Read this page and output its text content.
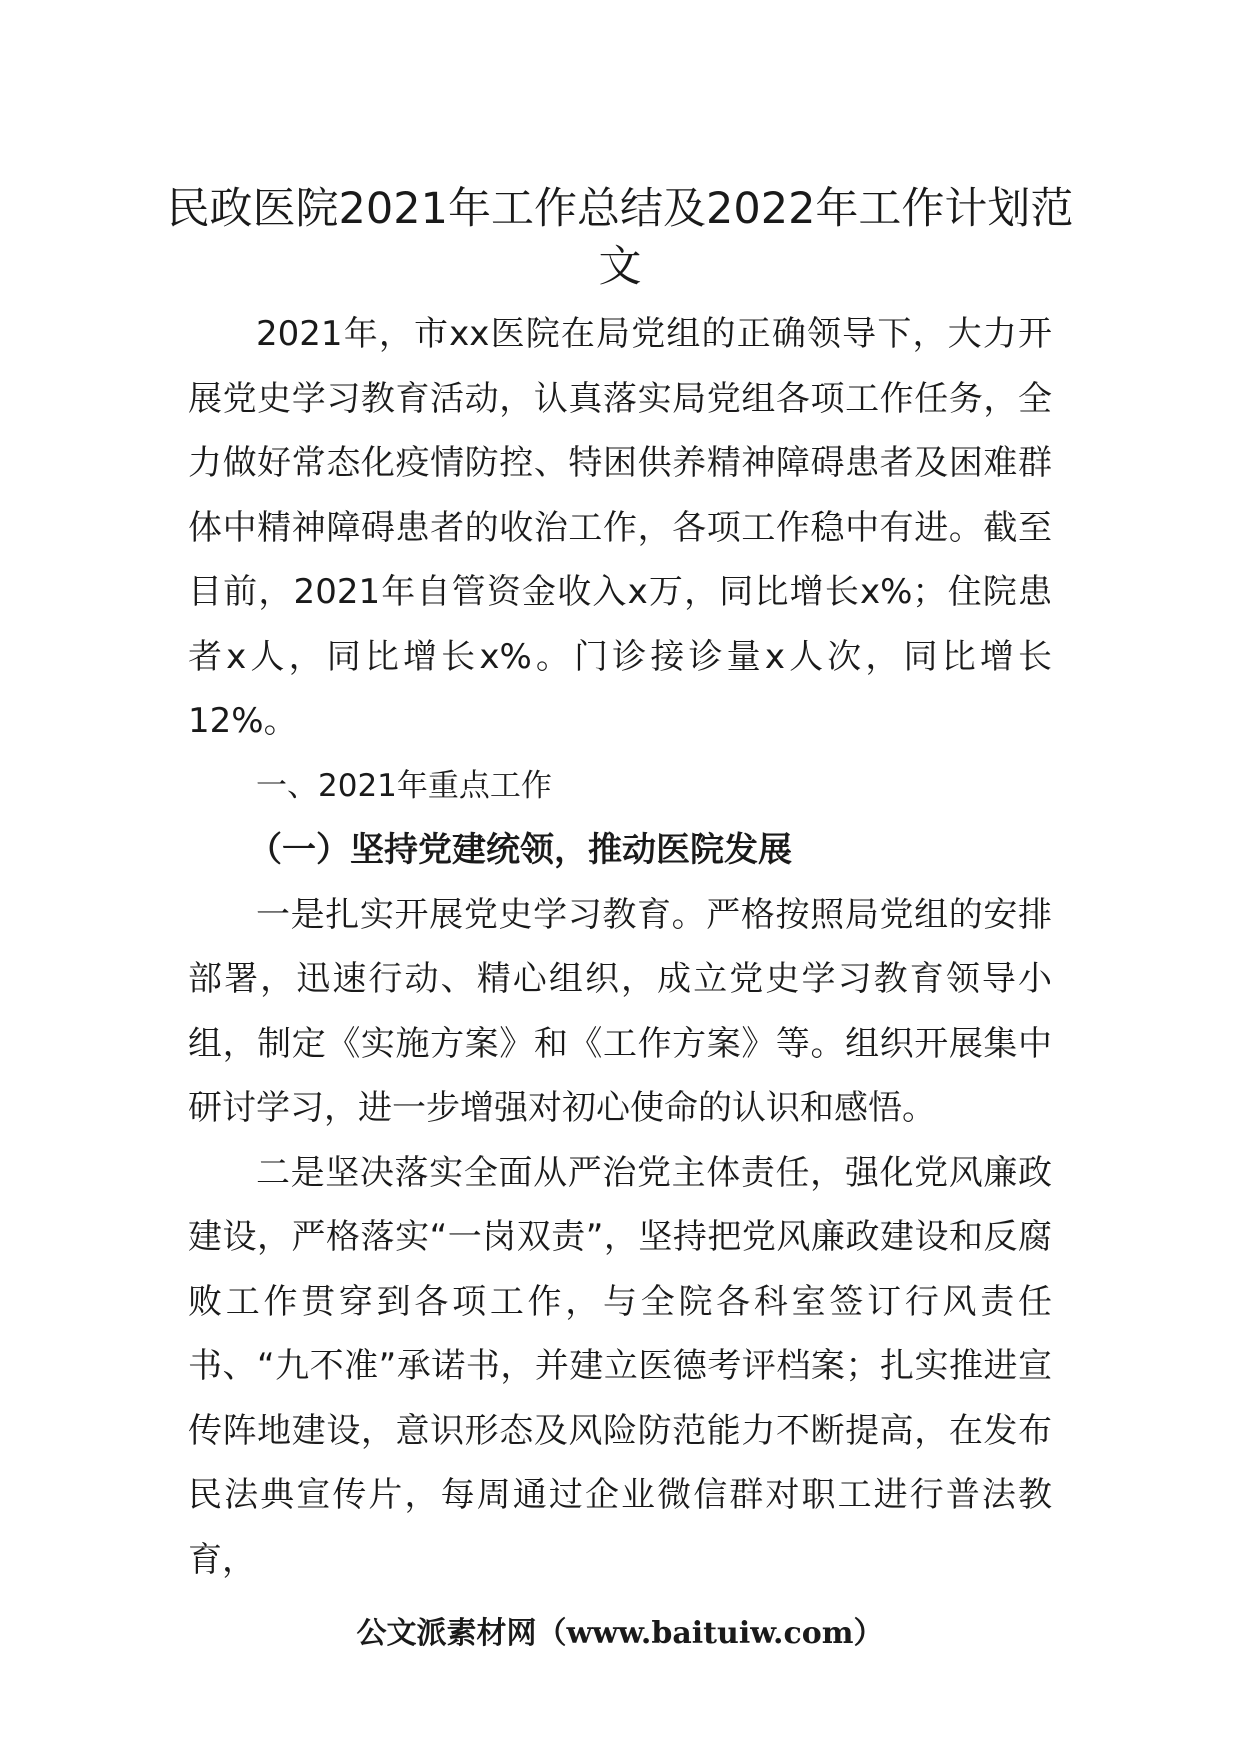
民政医院2021年工作总结及2022年工作计划范文

2021年，市xx医院在局党组的正确领导下，大力开展党史学习教育活动，认真落实局党组各项工作任务，全力做好常态化疫情防控、特困供养精神障碍患者及困难群体中精神障碍患者的收治工作，各项工作稳中有进。截至目前，2021年自管资金收入x万，同比增长x%；住院患者x人，同比增长x%。门诊接诊量x人次，同比增长12%。

一、2021年重点工作

（一）坚持党建统领，推动医院发展

一是扎实开展党史学习教育。严格按照局党组的安排部署，迅速行动、精心组织，成立党史学习教育领导小组，制定《实施方案》和《工作方案》等。组织开展集中研讨学习，进一步增强对初心使命的认识和感悟。

二是坚决落实全面从严治党主体责任，强化党风廉政建设，严格落实“一岗双责”，坚持把党风廉政建设和反腐败工作贯穿到各项工作，与全院各科室签订行风责任书、“九不准”承诺书，并建立医德考评档案；扎实推进宣传阵地建设，意识形态及风险防范能力不断提高，在发布民法典宣传片，每周通过企业微信群对职工进行普法教育，

公文派素材网（www.baituiw.com）
